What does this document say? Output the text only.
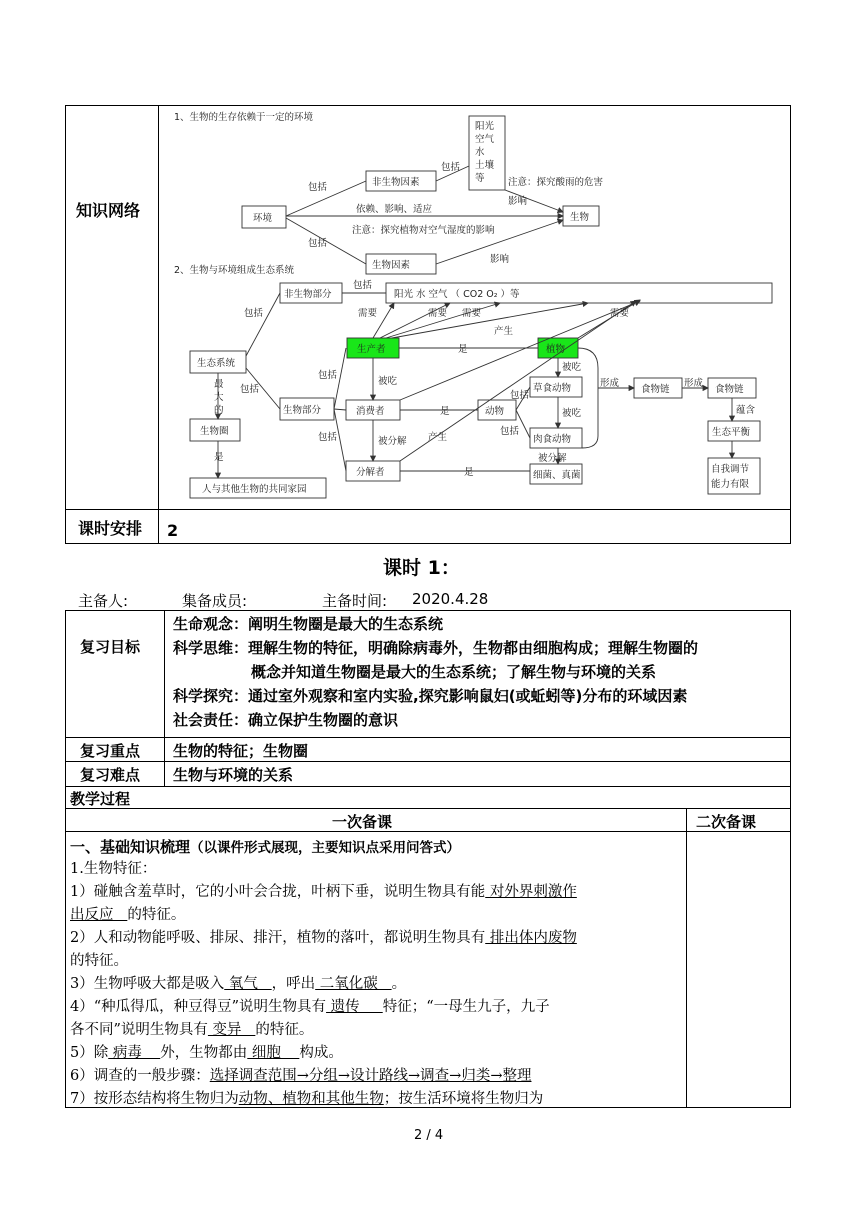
知识网络
课时安排 2
1、生物的生存依赖于一定的环境
环境
非生物因素
生物因素
阳光
空气
水
土壤
等
生物
包括
包括
包括
依赖、影响、适应
注意：探究酸雨的危害
影响
注意：探究植物对空气湿度的影响
影响
2、生物与环境组成生态系统
非生物部分	阳光 水 空气 （ CO2 O₂ ）等
生态系统
生物部分
生产者
消费者
分解者
植物
动物
草食动物
肉食动物
细菌、真菌
食物链	食物链
生态平衡
自我调节
能力有限
生物圈
人与其他生物的共同家园
包括
包括
包括
包括
包括
包括
包括
最
大
的
是
需要	需要 需要	需要
产生
是
是
是
被吃
被吃
被吃
被分解
被分解
产生
形成	形成
蕴含
课时 1：
主备人:	集备成员:	主备时间: 2020.4.28
复习目标
生命观念：阐明生物圈是最大的生态系统
科学思维：理解生物的特征，明确除病毒外，生物都由细胞构成；理解生物圈的
概念并知道生物圈是最大的生态系统；了解生物与环境的关系
科学探究：通过室外观察和室内实验,探究影响鼠妇(或蚯蚓等)分布的环域因素
社会责任：确立保护生物圈的意识
复习重点 生物的特征；生物圈
复习难点 生物与环境的关系
教学过程
一次备课	二次备课
一、基础知识梳理（以课件形式展现，主要知识点采用问答式）
1.生物特征：
1）碰触含羞草时，它的小叶会合拢，叶柄下垂，说明生物具有能 对外界刺激作
出反应   的特征。
2）人和动物能呼吸、排尿、排汗，植物的落叶，都说明生物具有 排出体内废物
的特征。
3）生物呼吸大都是吸入 氧气   ，呼出 二氧化碳   。
4）“种瓜得瓜，种豆得豆”说明生物具有 遗传     特征；“一母生九子，九子
各不同”说明生物具有 变异   的特征。
5）除 病毒    外，生物都由 细胞    构成。
6）调查的一般步骤：选择调查范围→分组→设计路线→调查→归类→整理
7）按形态结构将生物归为动物、植物和其他生物；按生活环境将生物归为
2 / 4
